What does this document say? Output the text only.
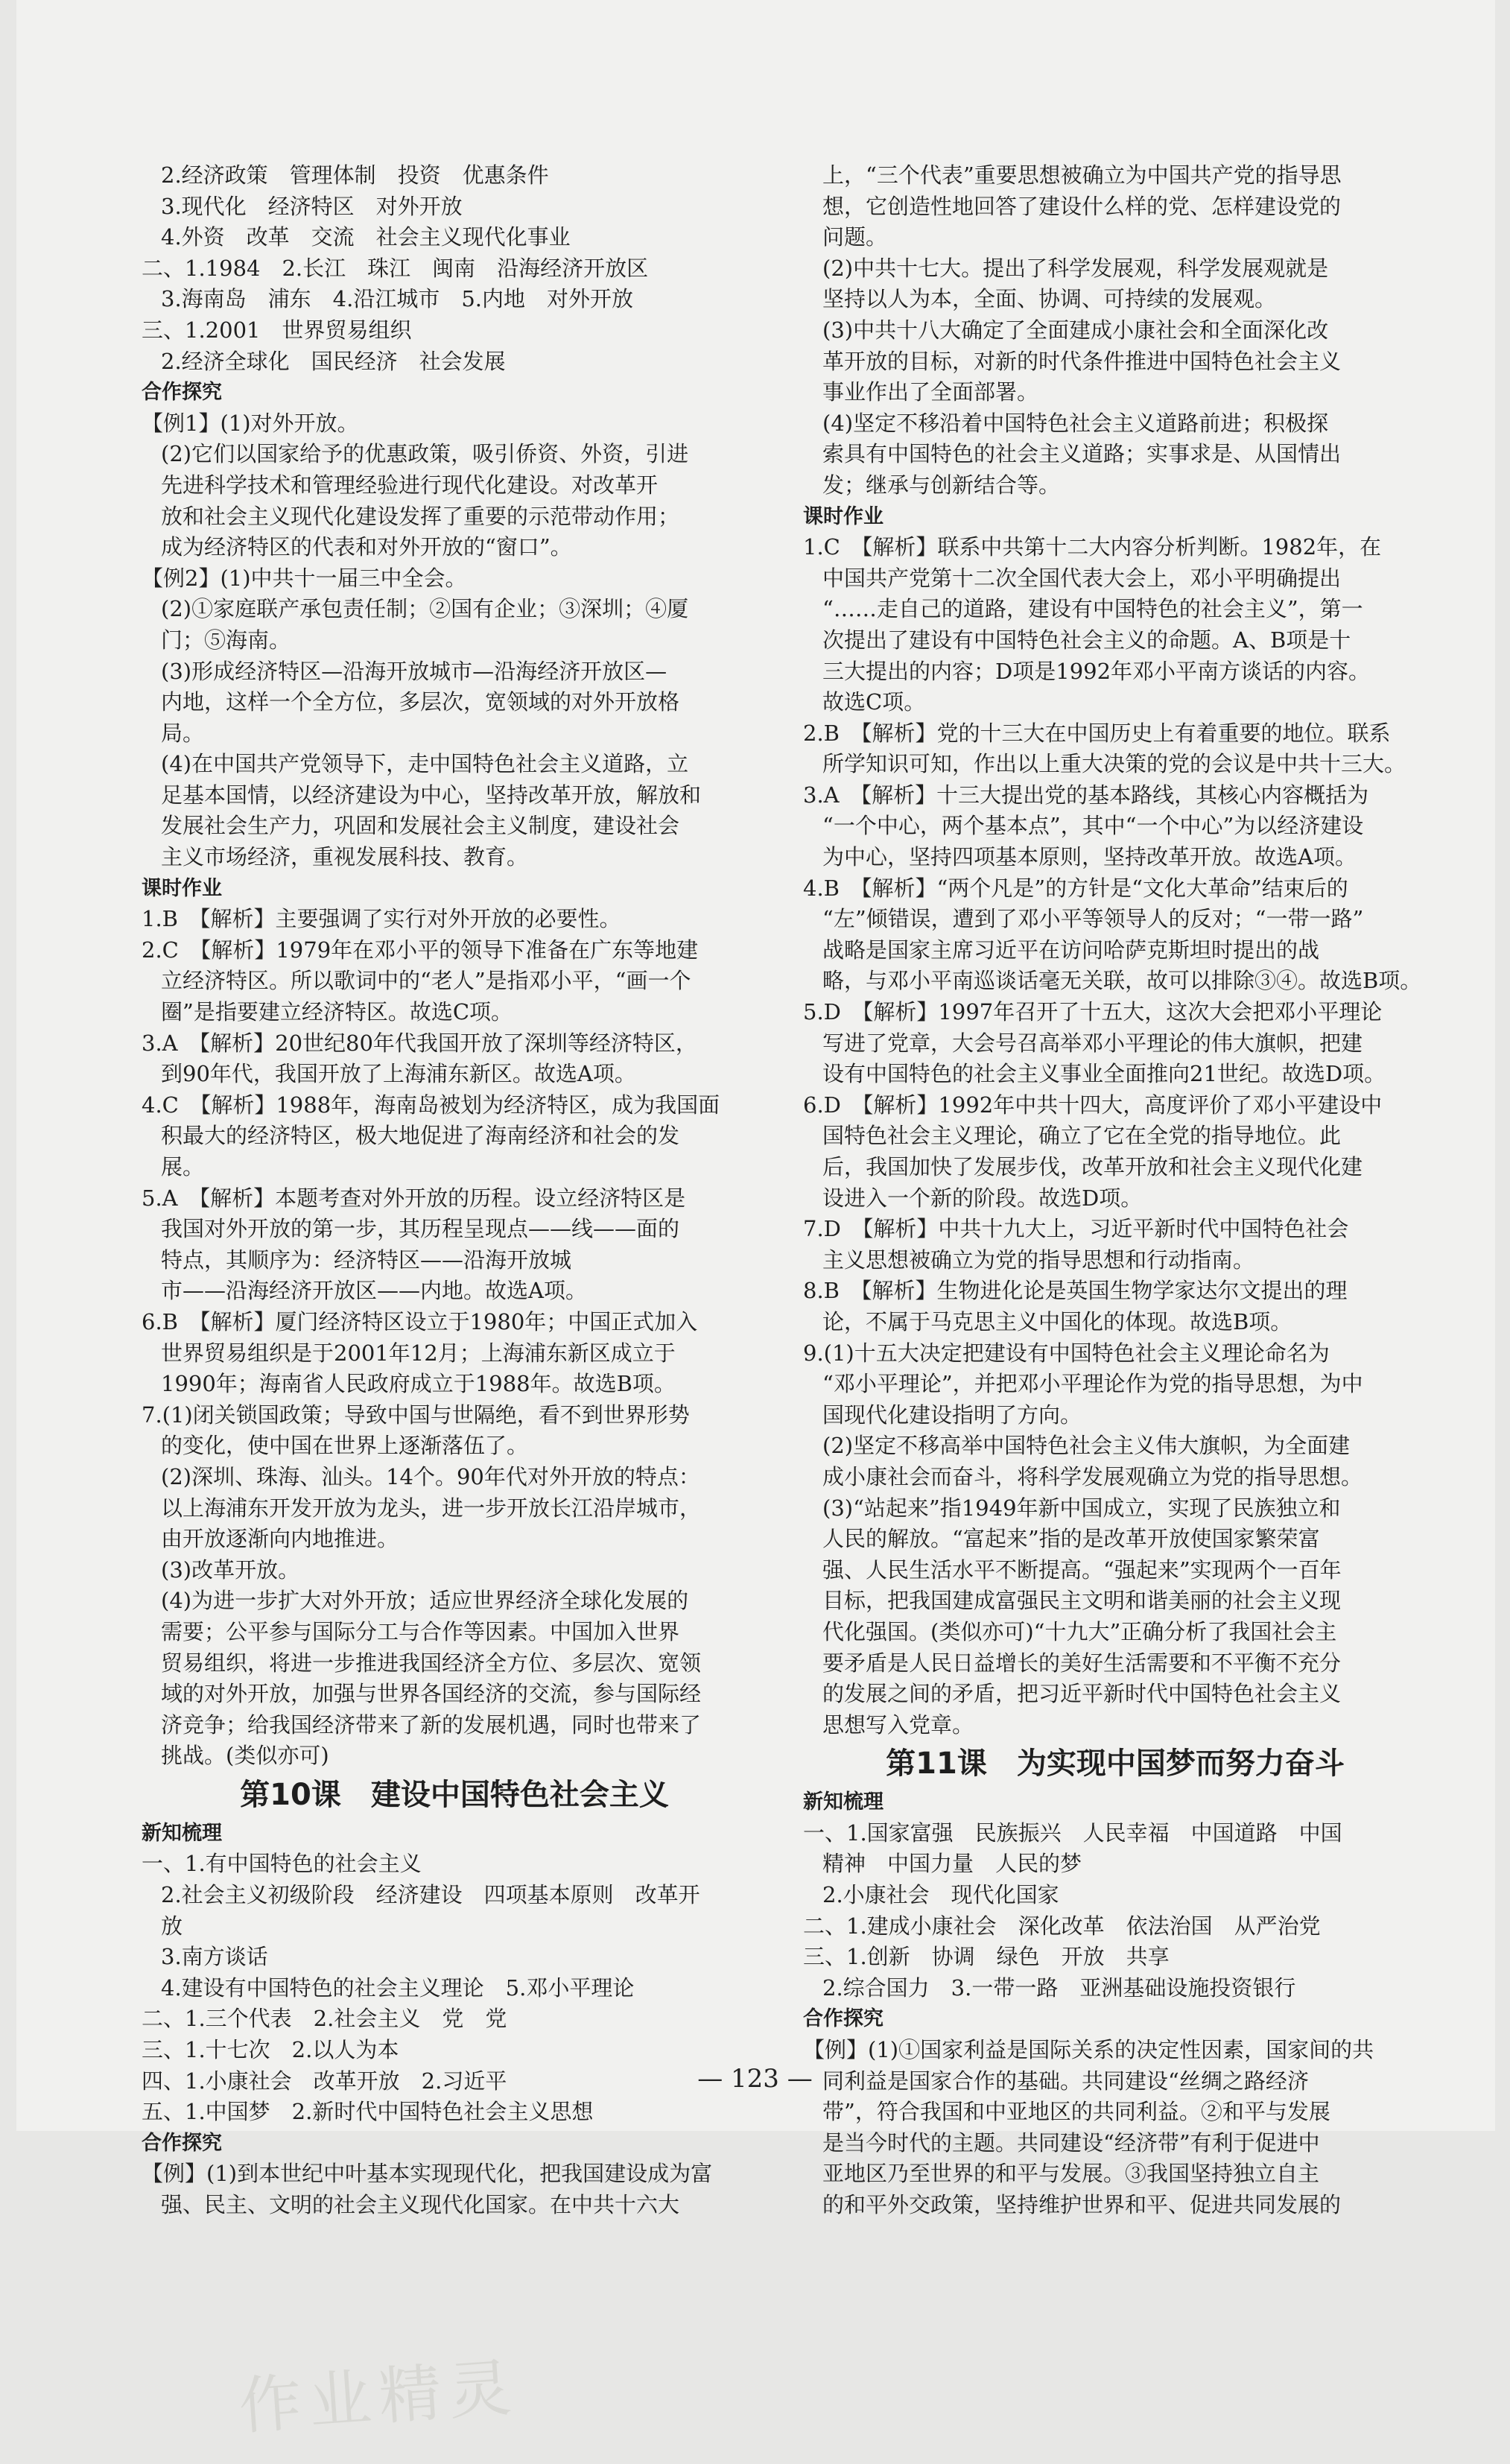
2.经济政策　管理体制　投资　优惠条件
3.现代化　经济特区　对外开放
4.外资　改革　交流　社会主义现代化事业
二、1.1984　2.长江　珠江　闽南　沿海经济开放区
3.海南岛　浦东　4.沿江城市　5.内地　对外开放
三、1.2001　世界贸易组织
2.经济全球化　国民经济　社会发展
合作探究
【例1】(1)对外开放。
(2)它们以国家给予的优惠政策，吸引侨资、外资，引进
先进科学技术和管理经验进行现代化建设。对改革开
放和社会主义现代化建设发挥了重要的示范带动作用；
成为经济特区的代表和对外开放的“窗口”。
【例2】(1)中共十一届三中全会。
(2)①家庭联产承包责任制；②国有企业；③深圳；④厦
门；⑤海南。
(3)形成经济特区—沿海开放城市—沿海经济开放区—
内地，这样一个全方位，多层次，宽领域的对外开放格
局。
(4)在中国共产党领导下，走中国特色社会主义道路，立
足基本国情，以经济建设为中心，坚持改革开放，解放和
发展社会生产力，巩固和发展社会主义制度，建设社会
主义市场经济，重视发展科技、教育。
课时作业
1.B　【解析】主要强调了实行对外开放的必要性。
2.C　【解析】1979年在邓小平的领导下准备在广东等地建
立经济特区。所以歌词中的“老人”是指邓小平，“画一个
圈”是指要建立经济特区。故选C项。
3.A　【解析】20世纪80年代我国开放了深圳等经济特区，
到90年代，我国开放了上海浦东新区。故选A项。
4.C　【解析】1988年，海南岛被划为经济特区，成为我国面
积最大的经济特区，极大地促进了海南经济和社会的发
展。
5.A　【解析】本题考查对外开放的历程。设立经济特区是
我国对外开放的第一步，其历程呈现点——线——面的
特点，其顺序为：经济特区——沿海开放城
市——沿海经济开放区——内地。故选A项。
6.B　【解析】厦门经济特区设立于1980年；中国正式加入
世界贸易组织是于2001年12月；上海浦东新区成立于
1990年；海南省人民政府成立于1988年。故选B项。
7.(1)闭关锁国政策；导致中国与世隔绝，看不到世界形势
的变化，使中国在世界上逐渐落伍了。
(2)深圳、珠海、汕头。14个。90年代对外开放的特点：
以上海浦东开发开放为龙头，进一步开放长江沿岸城市，
由开放逐渐向内地推进。
(3)改革开放。
(4)为进一步扩大对外开放；适应世界经济全球化发展的
需要；公平参与国际分工与合作等因素。中国加入世界
贸易组织，将进一步推进我国经济全方位、多层次、宽领
域的对外开放，加强与世界各国经济的交流，参与国际经
济竞争；给我国经济带来了新的发展机遇，同时也带来了
挑战。(类似亦可)
第10课　建设中国特色社会主义
新知梳理
一、1.有中国特色的社会主义
2.社会主义初级阶段　经济建设　四项基本原则　改革开
放
3.南方谈话
4.建设有中国特色的社会主义理论　5.邓小平理论
二、1.三个代表　2.社会主义　党　党
三、1.十七次　2.以人为本
四、1.小康社会　改革开放　2.习近平
五、1.中国梦　2.新时代中国特色社会主义思想
合作探究
【例】(1)到本世纪中叶基本实现现代化，把我国建设成为富
强、民主、文明的社会主义现代化国家。在中共十六大
上，“三个代表”重要思想被确立为中国共产党的指导思
想，它创造性地回答了建设什么样的党、怎样建设党的
问题。
(2)中共十七大。提出了科学发展观，科学发展观就是
坚持以人为本，全面、协调、可持续的发展观。
(3)中共十八大确定了全面建成小康社会和全面深化改
革开放的目标，对新的时代条件推进中国特色社会主义
事业作出了全面部署。
(4)坚定不移沿着中国特色社会主义道路前进；积极探
索具有中国特色的社会主义道路；实事求是、从国情出
发；继承与创新结合等。
课时作业
1.C　【解析】联系中共第十二大内容分析判断。1982年，在
中国共产党第十二次全国代表大会上，邓小平明确提出
“……走自己的道路，建设有中国特色的社会主义”，第一
次提出了建设有中国特色社会主义的命题。A、B项是十
三大提出的内容；D项是1992年邓小平南方谈话的内容。
故选C项。
2.B　【解析】党的十三大在中国历史上有着重要的地位。联系
所学知识可知，作出以上重大决策的党的会议是中共十三大。
3.A　【解析】十三大提出党的基本路线，其核心内容概括为
“一个中心，两个基本点”，其中“一个中心”为以经济建设
为中心，坚持四项基本原则，坚持改革开放。故选A项。
4.B　【解析】“两个凡是”的方针是“文化大革命”结束后的
“左”倾错误，遭到了邓小平等领导人的反对；“一带一路”
战略是国家主席习近平在访问哈萨克斯坦时提出的战
略，与邓小平南巡谈话毫无关联，故可以排除③④。故选B项。
5.D　【解析】1997年召开了十五大，这次大会把邓小平理论
写进了党章，大会号召高举邓小平理论的伟大旗帜，把建
设有中国特色的社会主义事业全面推向21世纪。故选D项。
6.D　【解析】1992年中共十四大，高度评价了邓小平建设中
国特色社会主义理论，确立了它在全党的指导地位。此
后，我国加快了发展步伐，改革开放和社会主义现代化建
设进入一个新的阶段。故选D项。
7.D　【解析】中共十九大上，习近平新时代中国特色社会
主义思想被确立为党的指导思想和行动指南。
8.B　【解析】生物进化论是英国生物学家达尔文提出的理
论，不属于马克思主义中国化的体现。故选B项。
9.(1)十五大决定把建设有中国特色社会主义理论命名为
“邓小平理论”，并把邓小平理论作为党的指导思想，为中
国现代化建设指明了方向。
(2)坚定不移高举中国特色社会主义伟大旗帜，为全面建
成小康社会而奋斗，将科学发展观确立为党的指导思想。
(3)“站起来”指1949年新中国成立，实现了民族独立和
人民的解放。“富起来”指的是改革开放使国家繁荣富
强、人民生活水平不断提高。“强起来”实现两个一百年
目标，把我国建成富强民主文明和谐美丽的社会主义现
代化强国。(类似亦可)“十九大”正确分析了我国社会主
要矛盾是人民日益增长的美好生活需要和不平衡不充分
的发展之间的矛盾，把习近平新时代中国特色社会主义
思想写入党章。
第11课　为实现中国梦而努力奋斗
新知梳理
一、1.国家富强　民族振兴　人民幸福　中国道路　中国
精神　中国力量　人民的梦
2.小康社会　现代化国家
二、1.建成小康社会　深化改革　依法治国　从严治党
三、1.创新　协调　绿色　开放　共享
2.综合国力　3.一带一路　亚洲基础设施投资银行
合作探究
【例】(1)①国家利益是国际关系的决定性因素，国家间的共
同利益是国家合作的基础。共同建设“丝绸之路经济
带”，符合我国和中亚地区的共同利益。②和平与发展
是当今时代的主题。共同建设“经济带”有利于促进中
亚地区乃至世界的和平与发展。③我国坚持独立自主
的和平外交政策，坚持维护世界和平、促进共同发展的
— 123 —
作业精灵
